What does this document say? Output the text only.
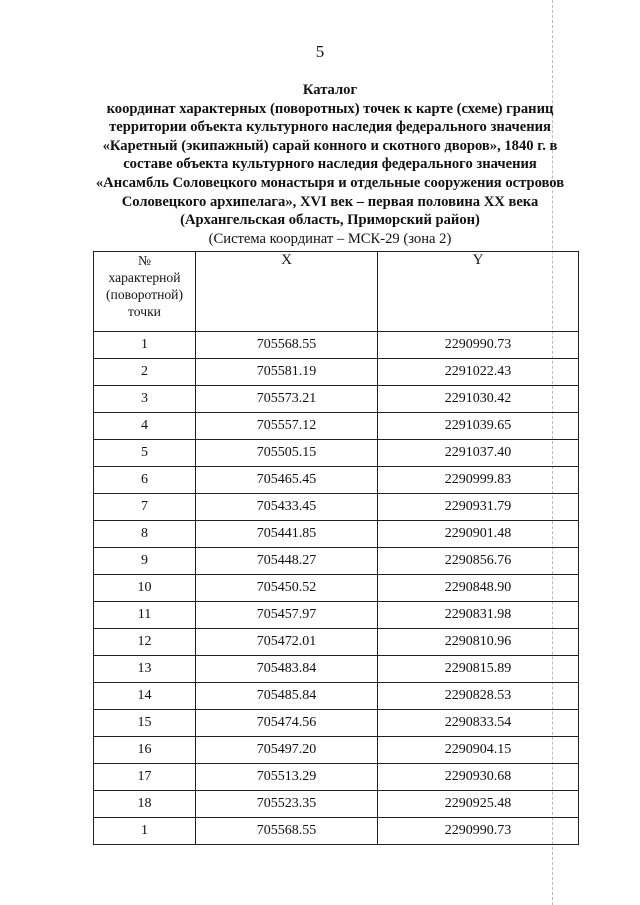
5
Каталог
координат характерных (поворотных) точек к карте (схеме) границ
территории объекта культурного наследия федерального значения
«Каретный (экипажный) сарай конного и скотного дворов», 1840 г. в
составе объекта культурного наследия федерального значения
«Ансамбль Соловецкого монастыря и отдельные сооружения островов
Соловецкого архипелага», XVI век – первая половина XX века
(Архангельская область, Приморский район)
(Система координат – МСК-29 (зона 2)
№
характерной
(поворотной)
точки	X	Y
1	705568.55	2290990.73
2	705581.19	2291022.43
3	705573.21	2291030.42
4	705557.12	2291039.65
5	705505.15	2291037.40
6	705465.45	2290999.83
7	705433.45	2290931.79
8	705441.85	2290901.48
9	705448.27	2290856.76
10	705450.52	2290848.90
11	705457.97	2290831.98
12	705472.01	2290810.96
13	705483.84	2290815.89
14	705485.84	2290828.53
15	705474.56	2290833.54
16	705497.20	2290904.15
17	705513.29	2290930.68
18	705523.35	2290925.48
1	705568.55	2290990.73
